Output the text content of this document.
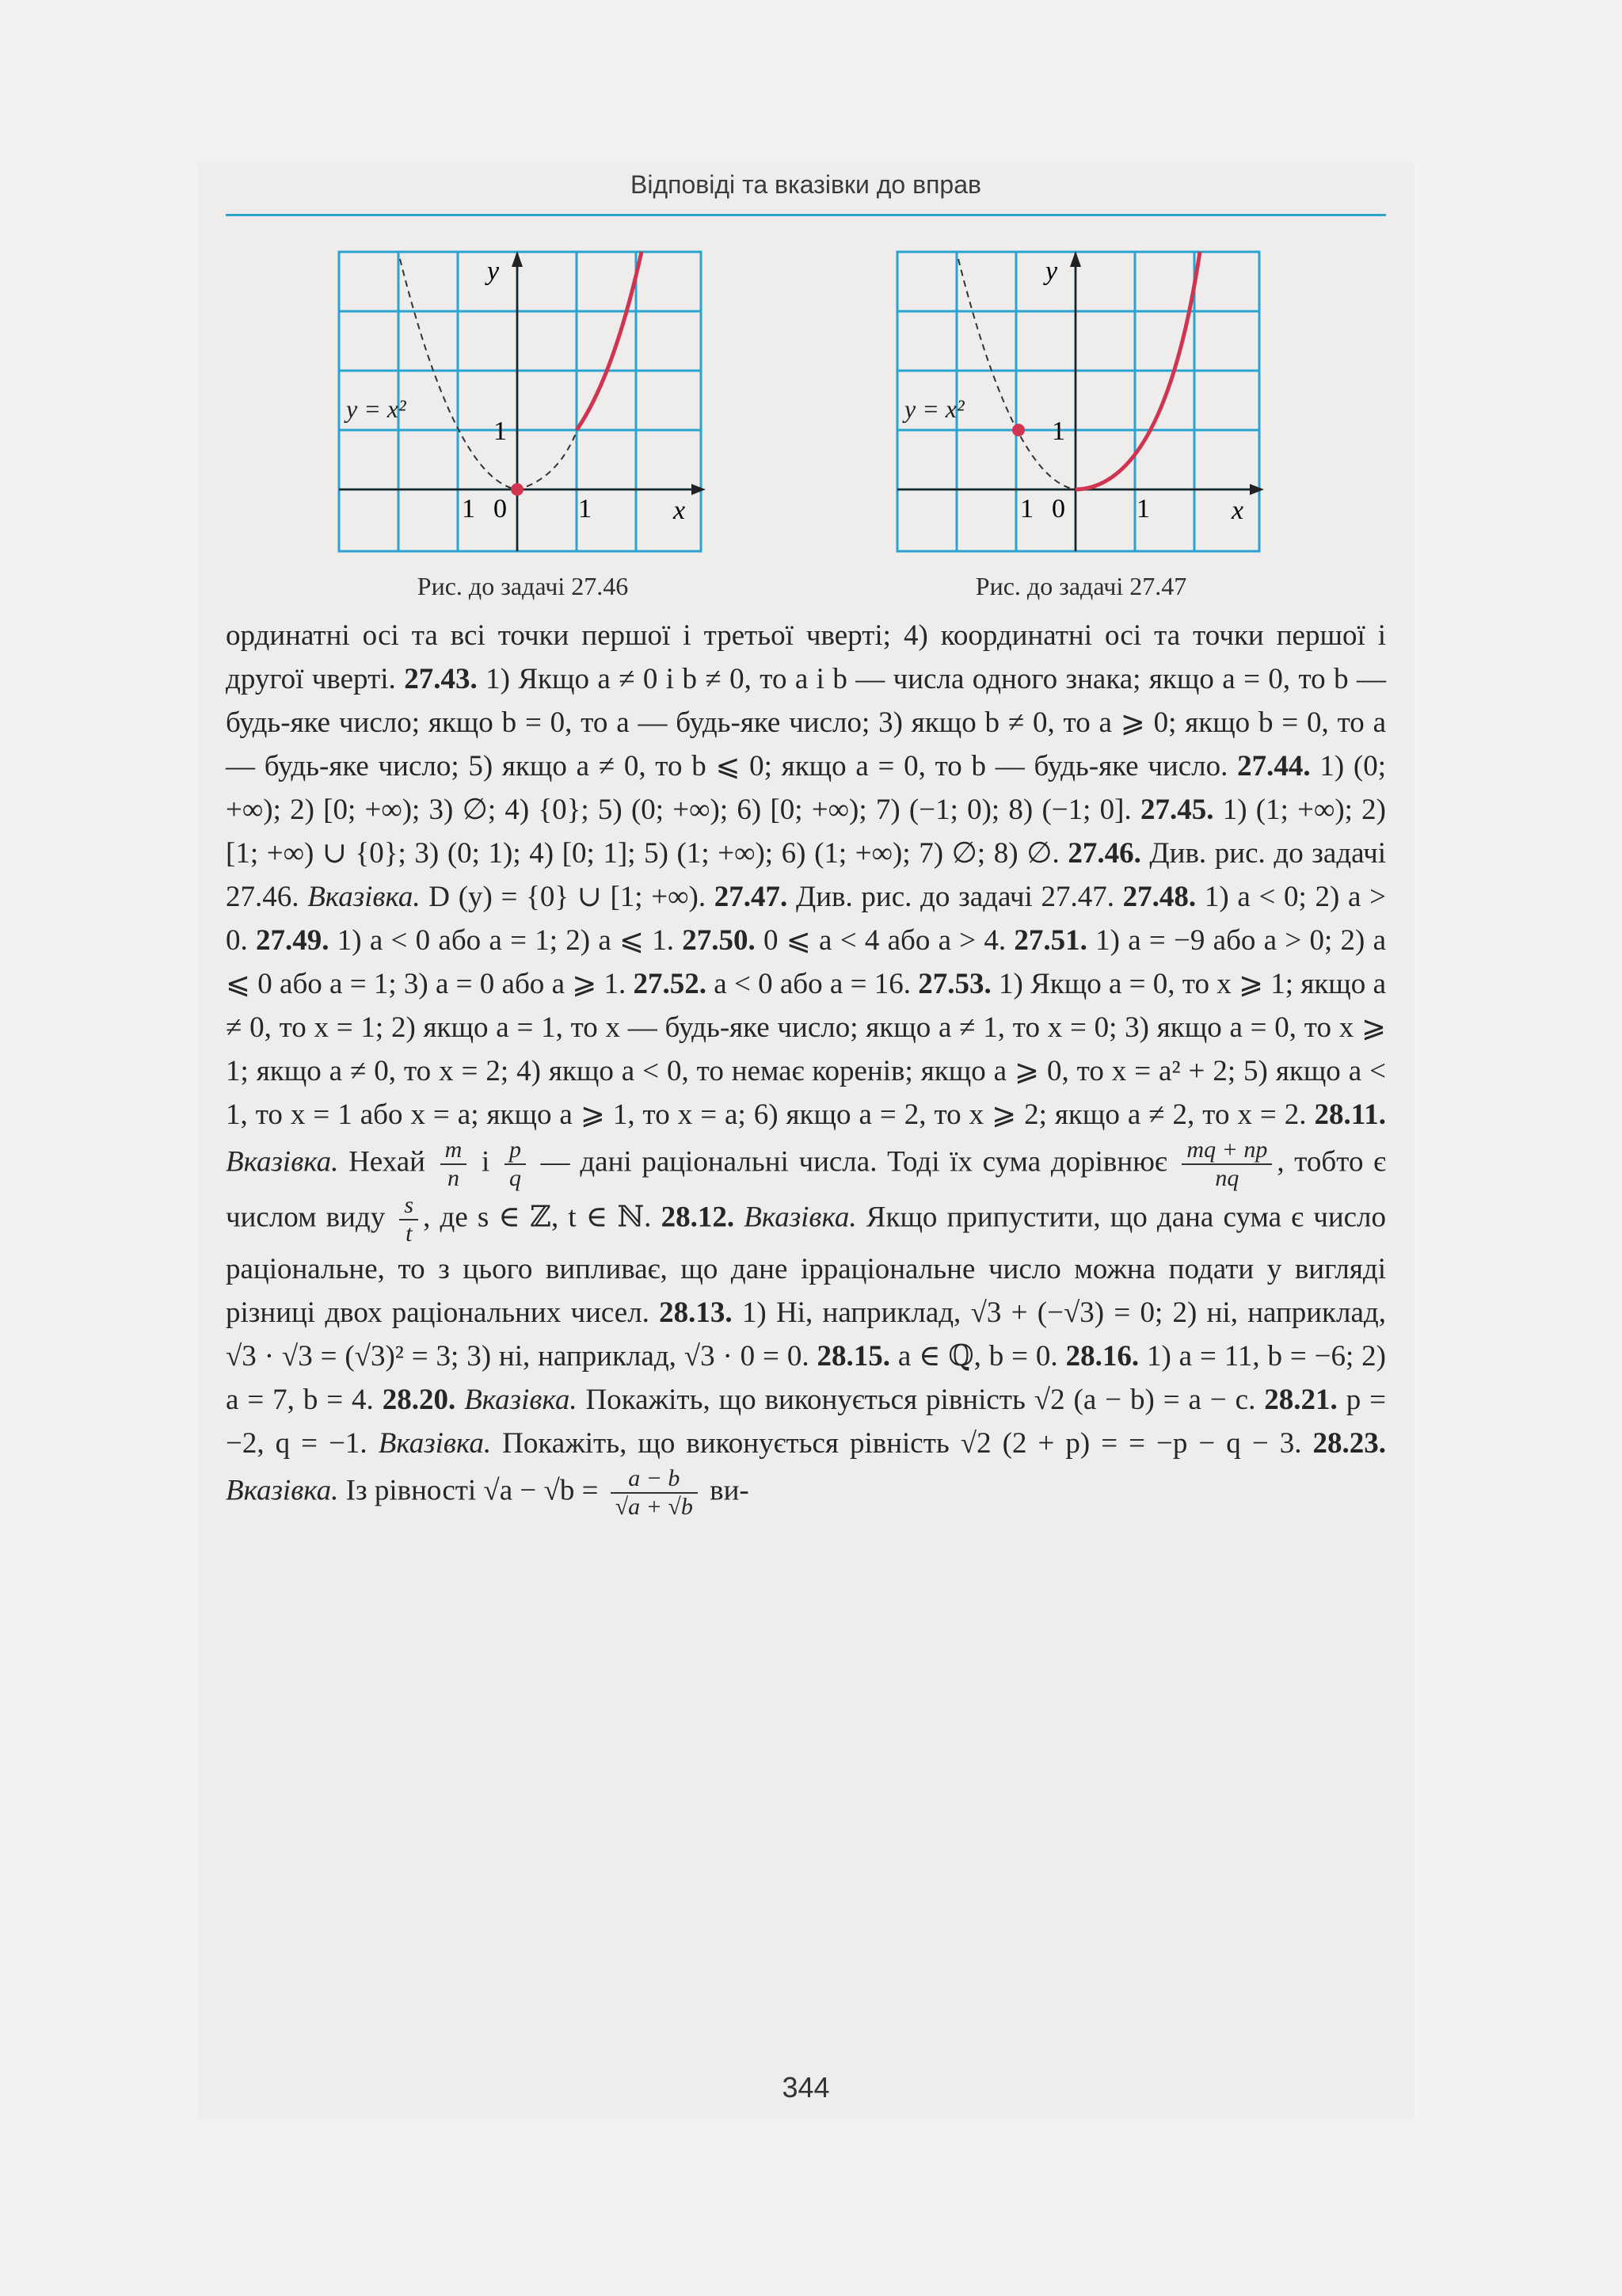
Відповіді та вказівки до вправ
y
x
y = x²
1 0	1
1
Рис. до задачі 27.46
y
x
y = x²
1 0	1
1
Рис. до задачі 27.47
ординатні осі та всі точки першої і третьої чверті; 4) координатні осі та точки першої і другої чверті. 27.43. 1) Якщо a ≠ 0 і b ≠ 0, то a і b — числа одного знака; якщо a = 0, то b — будь-яке число; якщо b = 0, то a — будь-яке число; 3) якщо b ≠ 0, то a ⩾ 0; якщо b = 0, то a — будь-яке число; 5) якщо a ≠ 0, то b ⩽ 0; якщо a = 0, то b — будь-яке число. 27.44. 1) (0; +∞); 2) [0; +∞); 3) ∅; 4) {0}; 5) (0; +∞); 6) [0; +∞); 7) (−1; 0); 8) (−1; 0]. 27.45. 1) (1; +∞); 2) [1; +∞) ∪ {0}; 3) (0; 1); 4) [0; 1]; 5) (1; +∞); 6) (1; +∞); 7) ∅; 8) ∅. 27.46. Див. рис. до задачі 27.46. Вказівка. D (y) = {0} ∪ [1; +∞). 27.47. Див. рис. до задачі 27.47. 27.48. 1) a < 0; 2) a > 0. 27.49. 1) a < 0 або a = 1; 2) a ⩽ 1. 27.50. 0 ⩽ a < 4 або a > 4. 27.51. 1) a = −9 або a > 0; 2) a ⩽ 0 або a = 1; 3) a = 0 або a ⩾ 1. 27.52. a < 0 або a = 16. 27.53. 1) Якщо a = 0, то x ⩾ 1; якщо a ≠ 0, то x = 1; 2) якщо a = 1, то x — будь-яке число; якщо a ≠ 1, то x = 0; 3) якщо a = 0, то x ⩾ 1; якщо a ≠ 0, то x = 2; 4) якщо a < 0, то немає коренів; якщо a ⩾ 0, то x = a² + 2; 5) якщо a < 1, то x = 1 або x = a; якщо a ⩾ 1, то x = a; 6) якщо a = 2, то x ⩾ 2; якщо a ≠ 2, то x = 2. 28.11. Вказівка. Нехай $\frac{m}{n}$ і $\frac{p}{q}$ — дані раціональні числа. Тоді їх сума дорівнює $\frac{mq + np}{nq}$ , тобто є числом виду $\frac{s}{t}$ , де s ∈ ℤ, t ∈ ℕ. 28.12. Вказівка. Якщо припустити, що дана сума є число раціональне, то з цього випливає, що дане ірраціональне число можна подати у вигляді різниці двох раціональних чисел. 28.13. 1) Ні, наприклад, √3 + (−√3) = 0; 2) ні, наприклад, √3 · √3 = (√3)² = 3; 3) ні, наприклад, √3 · 0 = 0. 28.15. a ∈ ℚ, b = 0. 28.16. 1) a = 11, b = −6; 2) a = 7, b = 4. 28.20. Вказівка. Покажіть, що виконується рівність √2 (a − b) = a − c. 28.21. p = −2, q = −1. Вказівка. Покажіть, що виконується рівність √2 (2 + p) = = −p − q − 3. 28.23. Вказівка. Із рівності $√a - √b = \frac{a - b}{√a + √b} ви-$
344
